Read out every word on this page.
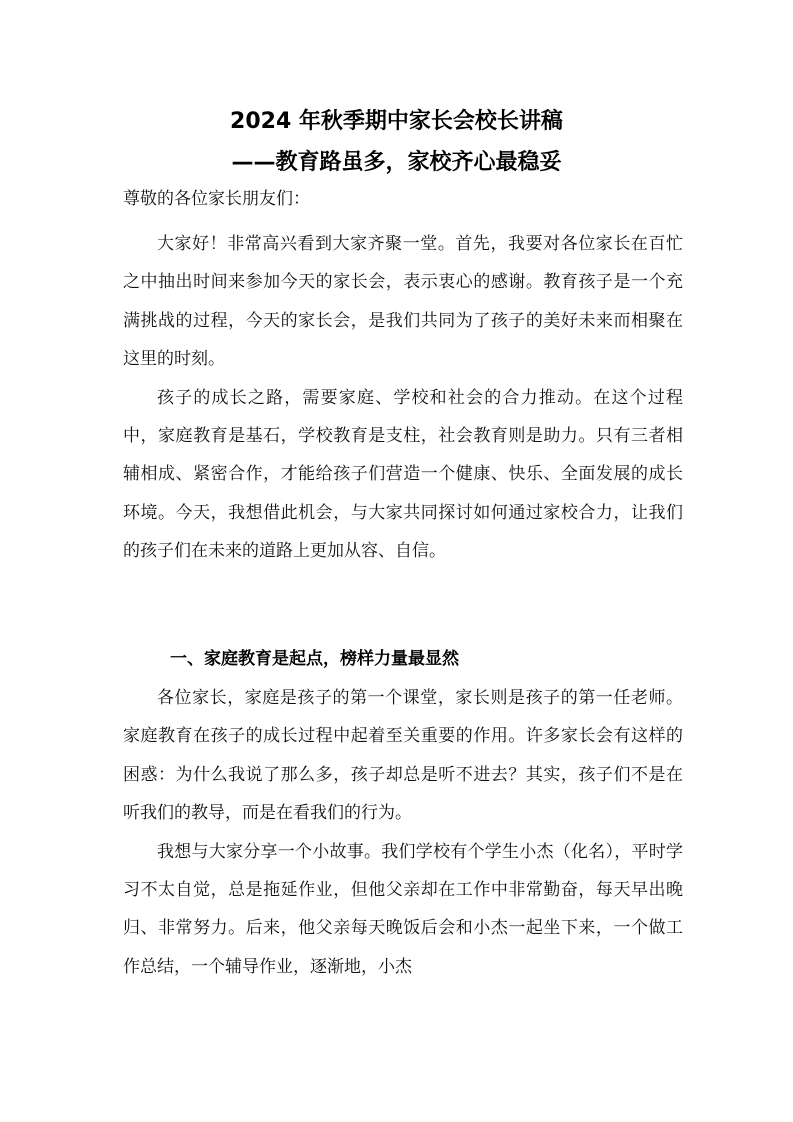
2024 年秋季期中家长会校长讲稿
——教育路虽多，家校齐心最稳妥
尊敬的各位家长朋友们：

大家好！非常高兴看到大家齐聚一堂。首先，我要对各位家长在百忙之中抽出时间来参加今天的家长会，表示衷心的感谢。教育孩子是一个充满挑战的过程，今天的家长会，是我们共同为了孩子的美好未来而相聚在这里的时刻。

孩子的成长之路，需要家庭、学校和社会的合力推动。在这个过程中，家庭教育是基石，学校教育是支柱，社会教育则是助力。只有三者相辅相成、紧密合作，才能给孩子们营造一个健康、快乐、全面发展的成长环境。今天，我想借此机会，与大家共同探讨如何通过家校合力，让我们的孩子们在未来的道路上更加从容、自信。

一、家庭教育是起点，榜样力量最显然

各位家长，家庭是孩子的第一个课堂，家长则是孩子的第一任老师。家庭教育在孩子的成长过程中起着至关重要的作用。许多家长会有这样的困惑：为什么我说了那么多，孩子却总是听不进去？其实，孩子们不是在听我们的教导，而是在看我们的行为。

我想与大家分享一个小故事。我们学校有个学生小杰（化名），平时学习不太自觉，总是拖延作业，但他父亲却在工作中非常勤奋，每天早出晚归、非常努力。后来，他父亲每天晚饭后会和小杰一起坐下来，一个做工作总结，一个辅导作业，逐渐地，小杰
